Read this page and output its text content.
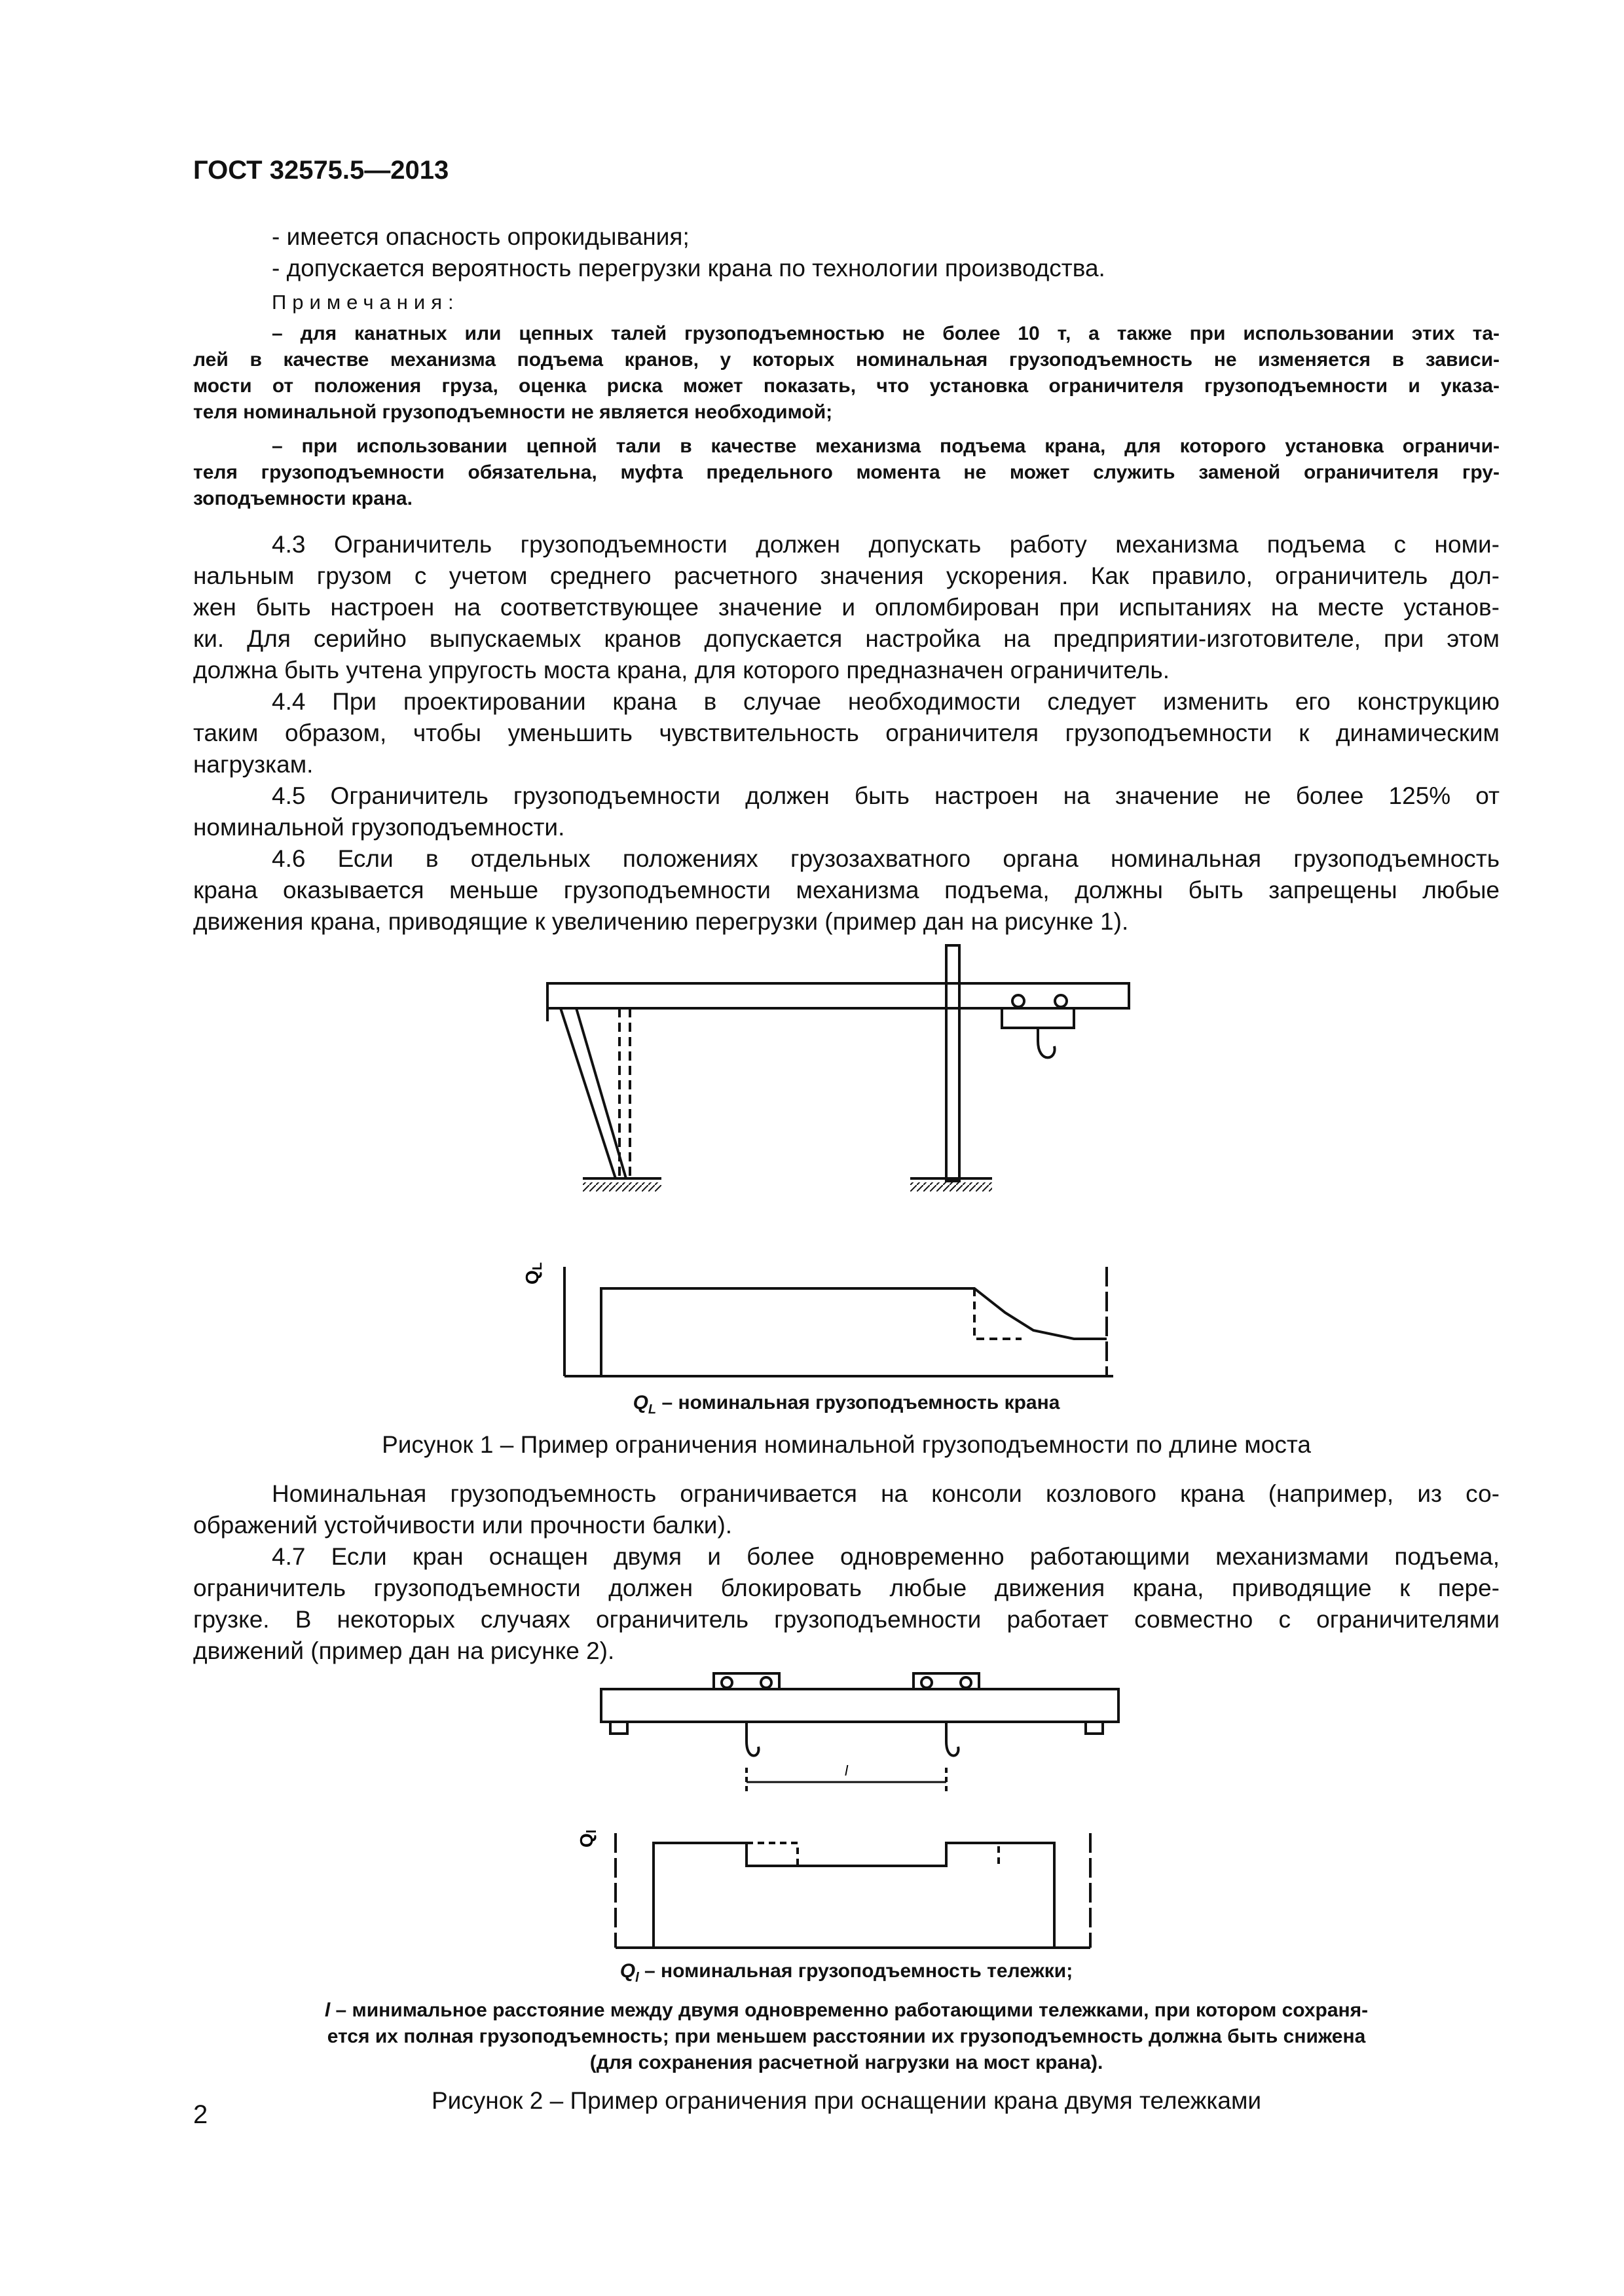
ГОСТ 32575.5—2013
- имеется опасность опрокидывания;
- допускается вероятность перегрузки крана по технологии производства.
Примечания:
– для канатных или цепных талей грузоподъемностью не более 10 т, а также при использовании этих та-
лей в качестве механизма подъема кранов, у которых номинальная грузоподъемность не изменяется в зависи-
мости от положения груза, оценка риска может показать, что установка ограничителя грузоподъемности и указа-
теля номинальной грузоподъемности не является необходимой;
– при использовании цепной тали в качестве механизма подъема крана, для которого установка ограничи-
теля грузоподъемности обязательна, муфта предельного момента не может служить заменой ограничителя гру-
зоподъемности крана.
4.3 Ограничитель грузоподъемности должен допускать работу механизма подъема с номи-
нальным грузом с учетом среднего расчетного значения ускорения. Как правило, ограничитель дол-
жен быть настроен на соответствующее значение и опломбирован при испытаниях на месте установ-
ки. Для серийно выпускаемых кранов допускается настройка на предприятии-изготовителе, при этом
должна быть учтена упругость моста крана, для которого предназначен ограничитель.
4.4 При проектировании крана в случае необходимости следует изменить его конструкцию
таким образом, чтобы уменьшить чувствительность ограничителя грузоподъемности к динамическим
нагрузкам.
4.5 Ограничитель грузоподъемности должен быть настроен на значение не более 125% от
номинальной грузоподъемности.
4.6 Если в отдельных положениях грузозахватного органа номинальная грузоподъемность
крана оказывается меньше грузоподъемности механизма подъема, должны быть запрещены любые
движения крана, приводящие к увеличению перегрузки (пример дан на рисунке 1).
QL
l
Ql
$Q_L$ – номинальная грузоподъемность крана
Рисунок 1 – Пример ограничения номинальной грузоподъемности по длине моста
Номинальная грузоподъемность ограничивается на консоли козлового крана (например, из со-
ображений устойчивости или прочности балки).
4.7 Если кран оснащен двумя и более одновременно работающими механизмами подъема,
ограничитель грузоподъемности должен блокировать любые движения крана, приводящие к пере-
грузке. В некоторых случаях ограничитель грузоподъемности работает совместно с ограничителями
движений (пример дан на рисунке 2).
$Q_l$ – номинальная грузоподъемность тележки;
l – минимальное расстояние между двумя одновременно работающими тележками, при котором сохраня-
ется их полная грузоподъемность; при меньшем расстоянии их грузоподъемность должна быть снижена
(для сохранения расчетной нагрузки на мост крана).
Рисунок 2 – Пример ограничения при оснащении крана двумя тележками
2
